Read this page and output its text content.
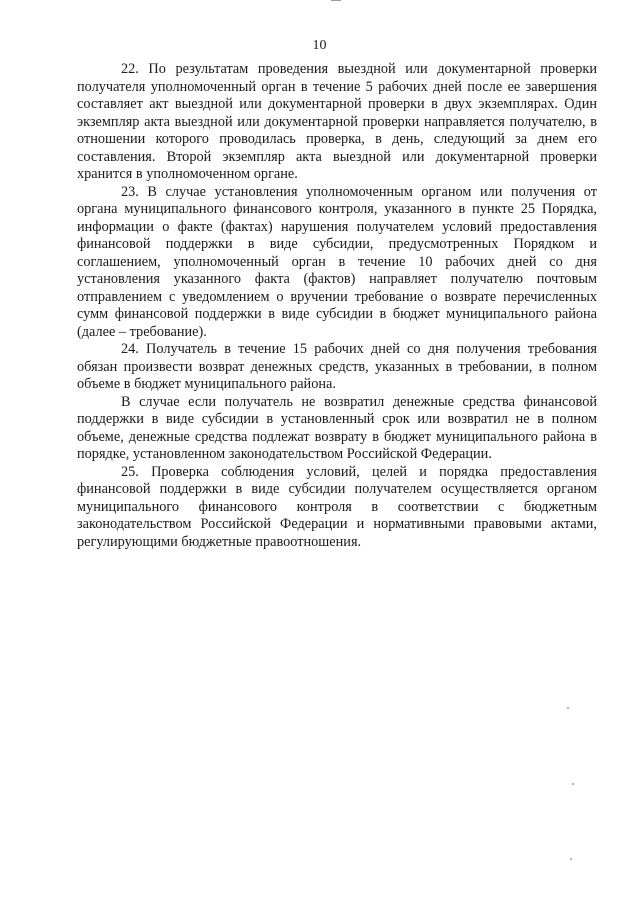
10

22. По результатам проведения выездной или документарной проверки получателя уполномоченный орган в течение 5 рабочих дней после ее завершения составляет акт выездной или документарной проверки в двух экземплярах. Один экземпляр акта выездной или документарной проверки направляется получателю, в отношении которого проводилась проверка, в день, следующий за днем его составления. Второй экземпляр акта выездной или документарной проверки хранится в уполномоченном органе.

23. В случае установления уполномоченным органом или получения от органа муниципального финансового контроля, указанного в пункте 25 Порядка, информации о факте (фактах) нарушения получателем условий предоставления финансовой поддержки в виде субсидии, предусмотренных Порядком и соглашением, уполномоченный орган в течение 10 рабочих дней со дня установления указанного факта (фактов) направляет получателю почтовым отправлением с уведомлением о вручении требование о возврате перечисленных сумм финансовой поддержки в виде субсидии в бюджет муниципального района (далее – требование).

24. Получатель в течение 15 рабочих дней со дня получения требования обязан произвести возврат денежных средств, указанных в требовании, в полном объеме в бюджет муниципального района.

В случае если получатель не возвратил денежные средства финансовой поддержки в виде субсидии в установленный срок или возвратил не в полном объеме, денежные средства подлежат возврату в бюджет муниципального района в порядке, установленном законодательством Российской Федерации.

25. Проверка соблюдения условий, целей и порядка предоставления финансовой поддержки в виде субсидии получателем осуществляется органом муниципального финансового контроля в соответствии с бюджетным законодательством Российской Федерации и нормативными правовыми актами, регулирующими бюджетные правоотношения.
